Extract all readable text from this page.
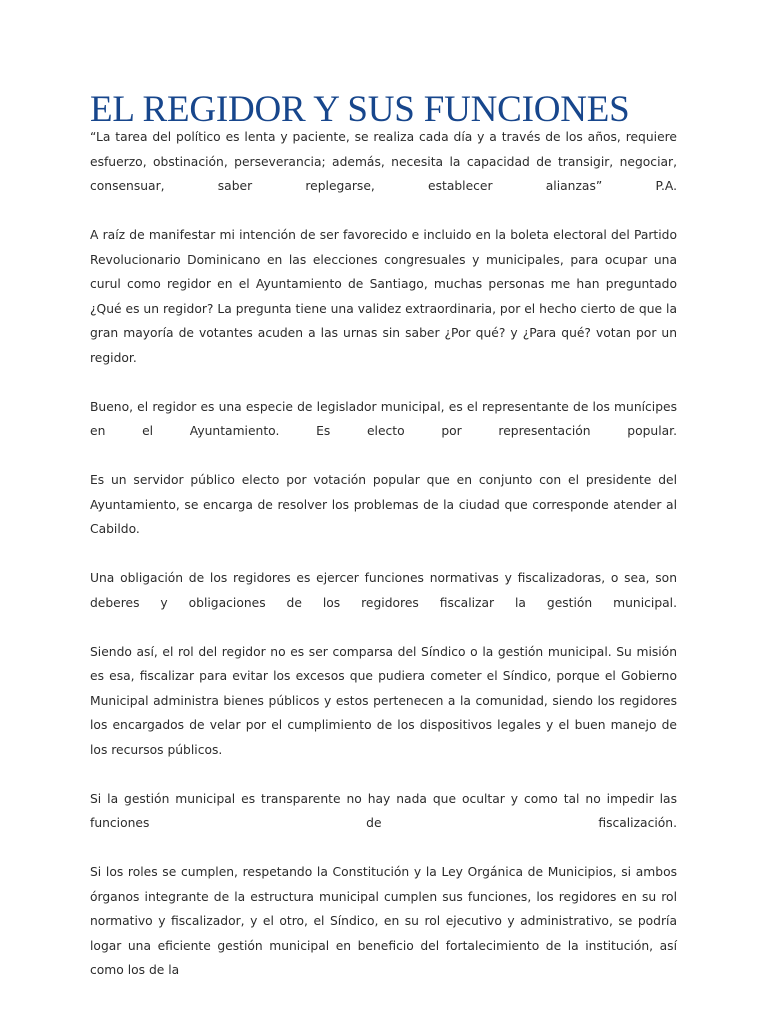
EL REGIDOR Y SUS FUNCIONES

“La tarea del político es lenta y paciente, se realiza cada día y a través de los años, requiere esfuerzo, obstinación, perseverancia; además, necesita la capacidad de transigir, negociar, consensuar, saber replegarse, establecer alianzas” P.A.

A raíz de manifestar mi intención de ser favorecido e incluido en la boleta electoral del Partido Revolucionario Dominicano en las elecciones congresuales y municipales, para ocupar una curul como regidor en el Ayuntamiento de Santiago, muchas personas me han preguntado ¿Qué es un regidor? La pregunta tiene una validez extraordinaria, por el hecho cierto de que la gran mayoría de votantes acuden a las urnas sin saber ¿Por qué? y ¿Para qué? votan por un regidor.

Bueno, el regidor es una especie de legislador municipal, es el representante de los munícipes en el Ayuntamiento. Es electo por representación popular.

Es un servidor público electo por votación popular que en conjunto con el presidente del Ayuntamiento, se encarga de resolver los problemas de la ciudad que corresponde atender al Cabildo.

Una obligación de los regidores es ejercer funciones normativas y fiscalizadoras, o sea, son deberes y obligaciones de los regidores fiscalizar la gestión municipal.

Siendo así, el rol del regidor no es ser comparsa del Síndico o la gestión municipal. Su misión es esa, fiscalizar para evitar los excesos que pudiera cometer el Síndico, porque el Gobierno Municipal administra bienes públicos y estos pertenecen a la comunidad, siendo los regidores los encargados de velar por el cumplimiento de los dispositivos legales y el buen manejo de los recursos públicos.

Si la gestión municipal es transparente no hay nada que ocultar y como tal no impedir las funciones de fiscalización.

Si los roles se cumplen, respetando la Constitución y la Ley Orgánica de Municipios, si ambos órganos integrante de la estructura municipal cumplen sus funciones, los regidores en su rol normativo y fiscalizador, y el otro, el Síndico, en su rol ejecutivo y administrativo, se podría logar una eficiente gestión municipal en beneficio del fortalecimiento de la institución, así como los de la
